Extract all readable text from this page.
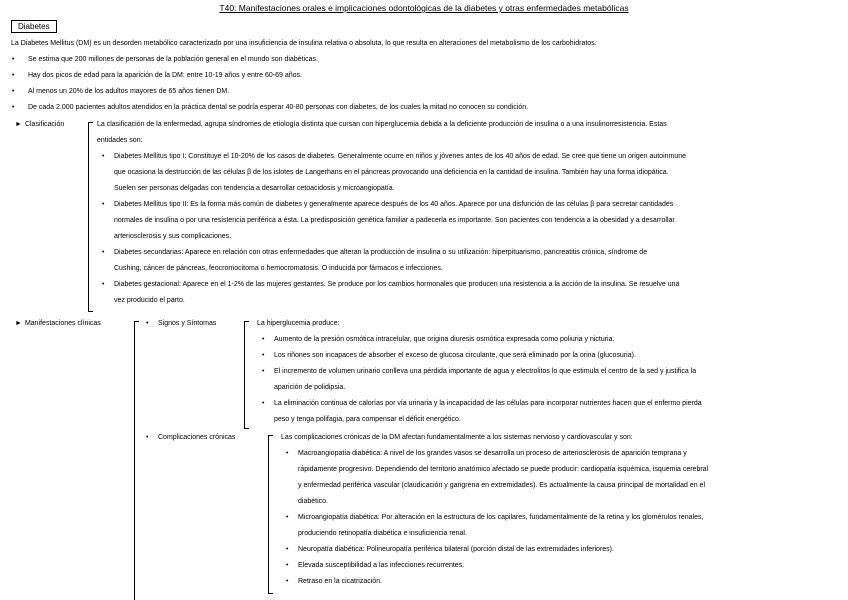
T40: Manifestaciones orales e implicaciones odontológicas de la diabetes y otras enfermedades metabólicas
Diabetes
La Diabetes Mellitus (DM) es un desorden metabólico caracterizado por una insuficiencia de insulina relativa o absoluta, lo que resulta en alteraciones del metabolismo de los carbohidratos.
• Se estima que 200 millones de personas de la población general en el mundo son diabéticas.
• Hay dos picos de edad para la aparición de la DM: entre 10-19 años y entre 60-69 años.
• Al menos un 20% de los adultos mayores de 65 años tienen DM.
• De cada 2.000 pacientes adultos atendidos en la práctica dental se podría esperar 40-80 personas con diabetes, de los cuales la mitad no conocen su condición.
► Clasificación	La clasificación de la enfermedad, agrupa síndromes de etiología distinta que cursan con hiperglucemia debida a la deficiente producción de insulina o a una insulinorresistencia. Estas
entidades son:
• Diabetes Mellitus tipo I: Constituye el 10-20% de los casos de diabetes. Generalmente ocurre en niños y jóvenes antes de los 40 años de edad. Se cree que tiene un origen autoinmune
que ocasiona la destrucción de las células β de los islotes de Langerhans en el páncreas provocando una deficiencia en la cantidad de insulina. También hay una forma idiopática.
Suelen ser personas delgadas con tendencia a desarrollar cetoacidosis y microangiopatía.
• Diabetes Mellitus tipo II: Es la forma más común de diabetes y generalmente aparece después de los 40 años. Aparece por una disfunción de las células β para secretar cantidades
normales de insulina o por una resistencia periférica a ésta. La predisposición genética familiar a padecerla es importante. Son pacientes con tendencia a la obesidad y a desarrollar
arteriosclerosis y sus complicaciones.
• Diabetes secundarias: Aparece en relación con otras enfermedades que alteran la producción de insulina o su utilización: hiperpituarismo, pancreatitis crónica, síndrome de
Cushing, cáncer de páncreas, feocromocitoma o hemocromatosis. O inducida por fármacos e infecciones.
• Diabetes gestacional: Aparece en el 1-2% de las mujeres gestantes. Se produce por los cambios hormonales que producen una resistencia a la acción de la insulina. Se resuelve una
vez producido el parto.
► Manifestaciones clínicas
•	Signos y Síntomas	La hiperglucemia produce:
• Aumento de la presión osmótica intracelular, que origina diuresis osmótica expresada como poliuria y nicturia.
• Los riñones son incapaces de absorber el exceso de glucosa circulante, que será eliminado por la orina (glucosuria).
• El incremento de volumen urinario conlleva una pérdida importante de agua y electrolitos lo que estimula el centro de la sed y justifica la
aparición de polidipsia.
• La eliminación continua de calorías por vía urinaria y la incapacidad de las células para incorporar nutrientes hacen que el enfermo pierda
peso y tenga polifagia, para compensar el déficit energético.
• Complicaciones crónicas	Las complicaciones crónicas de la DM afectan fundamentalmente a los sistemas nervioso y cardiovascular y son:
• Macroangiopatía diabética: A nivel de los grandes vasos se desarrolla un proceso de arteriosclerosis de aparición temprana y
rápidamente progresivo. Dependiendo del territorio anatómico afectado se puede producir: cardiopatía isquémica, isquemia cerebral
y enfermedad periférica vascular (claudicación y gangrena en extremidades). Es actualmente la causa principal de mortalidad en el
diabético.
• Microangiopatía diabética: Por alteración en la estructura de los capilares, fundamentalmente de la retina y los glomérulos renales,
produciendo retinopatía diabética e insuficiencia renal.
• Neuropatía diabética: Polineuropatía periférica bilateral (porción distal de las extremidades inferiores).
• Elevada susceptibilidad a las infecciones recurrentes.
• Retraso en la cicatrización.
